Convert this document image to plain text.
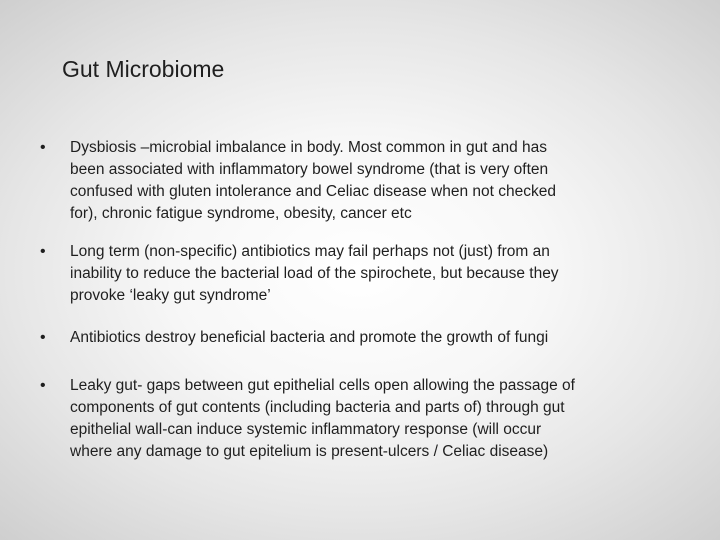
Gut Microbiome
• Dysbiosis –microbial imbalance in body. Most common in gut and has
been associated with inflammatory bowel syndrome (that is very often
confused with gluten intolerance and Celiac disease when not checked
for), chronic fatigue syndrome, obesity, cancer etc

• Long term (non-specific) antibiotics may fail perhaps not (just) from an
inability to reduce the bacterial load of the spirochete, but because they
provoke ‘leaky gut syndrome’

• Antibiotics destroy beneficial bacteria and promote the growth of fungi

• Leaky gut- gaps between gut epithelial cells open allowing the passage of
components of gut contents (including bacteria and parts of) through gut
epithelial wall-can induce systemic inflammatory response (will occur
where any damage to gut epitelium is present-ulcers / Celiac disease)
